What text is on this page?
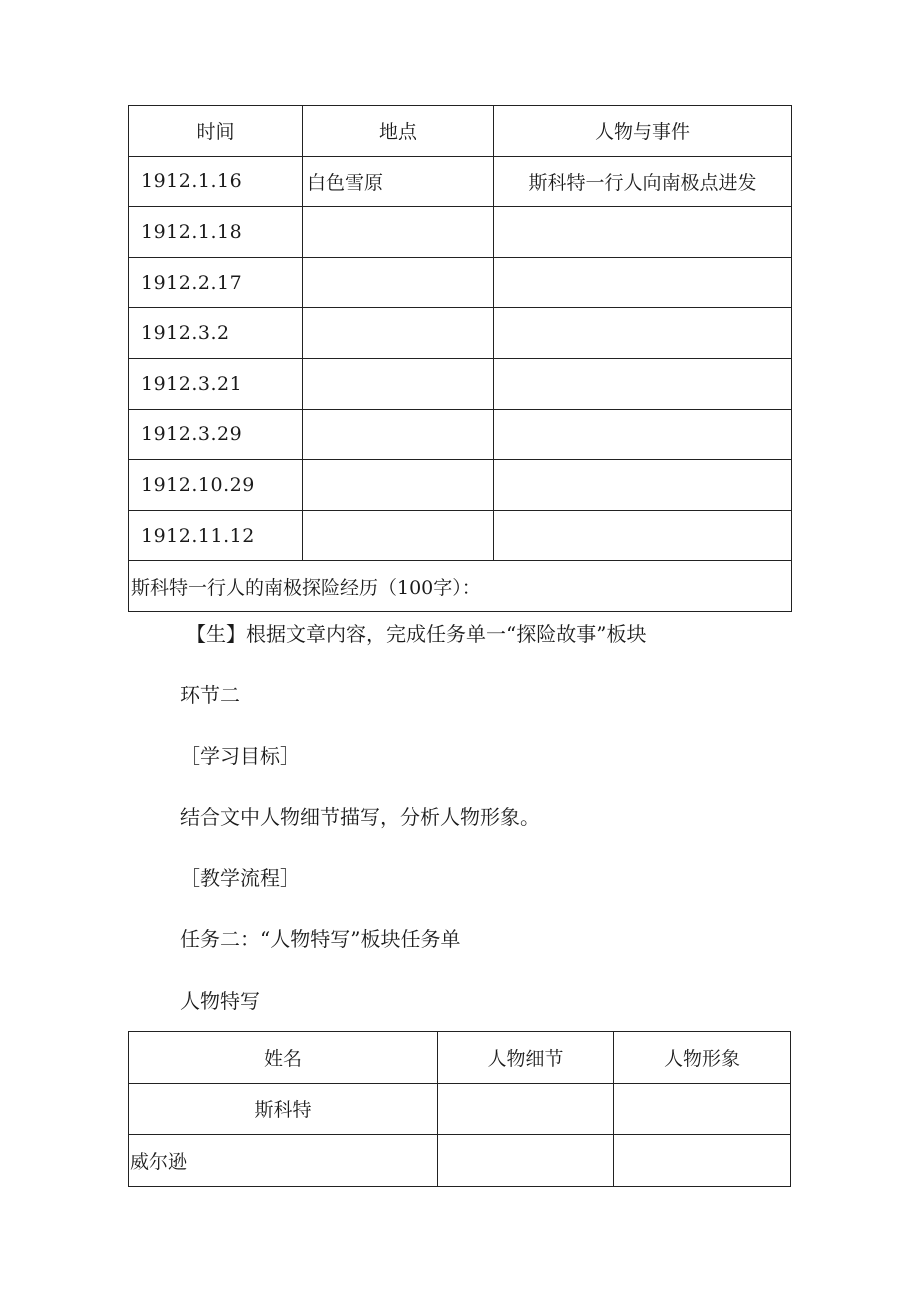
时间	地点	人物与事件
1912.1.16	白色雪原	斯科特一行人向南极点进发
1912.1.18		
1912.2.17		
1912.3.2		
1912.3.21		
1912.3.29		
1912.10.29		
1912.11.12		
斯科特一行人的南极探险经历（100字）：		

【生】根据文章内容，完成任务单一“探险故事”板块

环节二

［学习目标］

结合文中人物细节描写，分析人物形象。

［教学流程］

任务二：“人物特写”板块任务单

人物特写

姓名	人物细节	人物形象
斯科特		
威尔逊		
